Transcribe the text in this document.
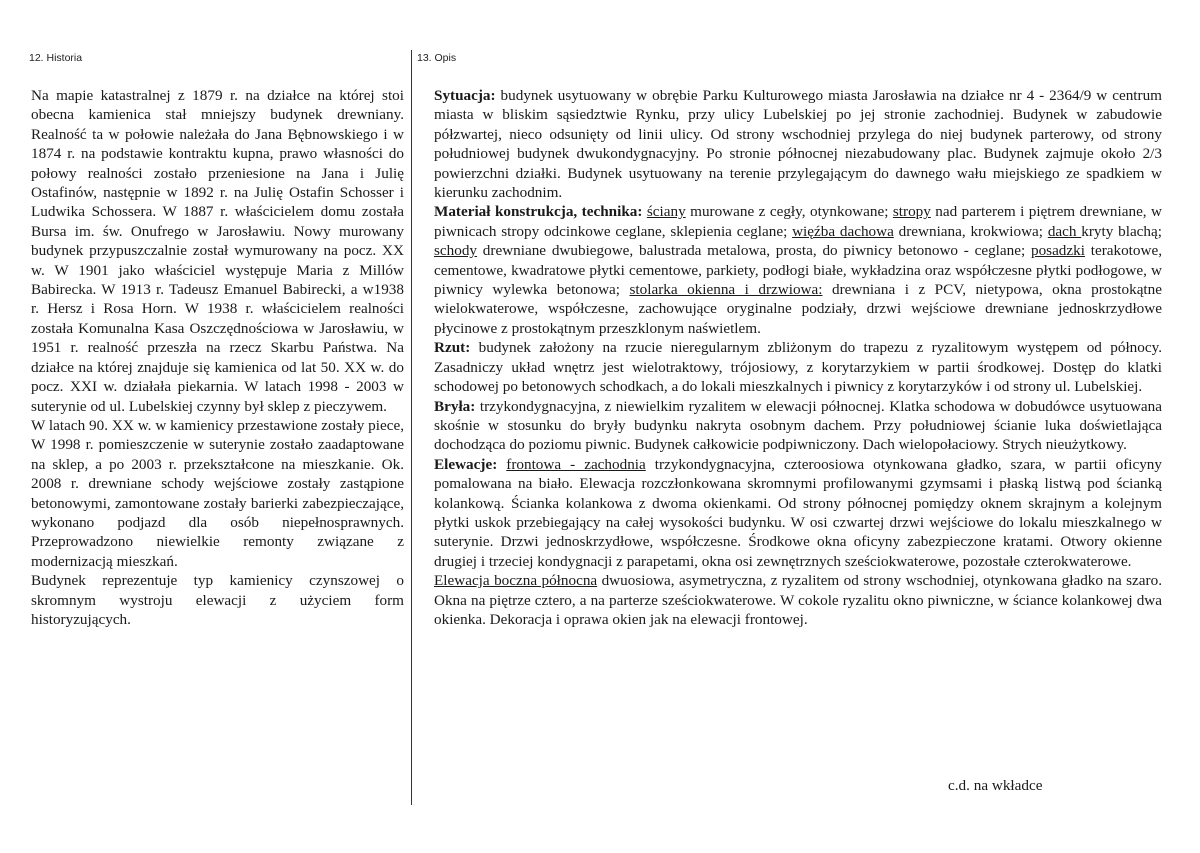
12. Historia	13. Opis

Na mapie katastralnej z 1879 r. na działce na której stoi obecna kamienica stał mniejszy budynek drewniany. Realność ta w połowie należała do Jana Bębnowskiego i w 1874 r. na podstawie kontraktu kupna, prawo własności do połowy realności zostało przeniesione na Jana i Julię Ostafinów, następnie w 1892 r. na Julię Ostafin Schosser i Ludwika Schossera. W 1887 r. właścicielem domu została Bursa im. św. Onufrego w Jarosławiu. Nowy murowany budynek przypuszczalnie został wymurowany na pocz. XX w. W 1901 jako właściciel występuje Maria z Millów Babirecka. W 1913 r. Tadeusz Emanuel Babirecki, a w1938 r. Hersz i Rosa Horn. W 1938 r. właścicielem realności została Komunalna Kasa Oszczędnościowa w Jarosławiu, w 1951 r. realność przeszła na rzecz Skarbu Państwa. Na działce na której znajduje się kamienica od lat 50. XX w. do pocz. XXI w. działała piekarnia. W latach 1998 - 2003 w suterynie od ul. Lubelskiej czynny był sklep z pieczywem.

W latach 90. XX w. w kamienicy przestawione zostały piece, W 1998 r. pomieszczenie w suterynie zostało zaadaptowane na sklep, a po 2003 r. przekształcone na mieszkanie. Ok. 2008 r. drewniane schody wejściowe zostały zastąpione betonowymi, zamontowane zostały barierki zabezpieczające, wykonano podjazd dla osób niepełnosprawnych. Przeprowadzono niewielkie remonty związane z modernizacją mieszkań.

Budynek reprezentuje typ kamienicy czynszowej o skromnym wystroju elewacji z użyciem form historyzujących.

Sytuacja: budynek usytuowany w obrębie Parku Kulturowego miasta Jarosławia na działce nr 4 - 2364/9 w centrum miasta w bliskim sąsiedztwie Rynku, przy ulicy Lubelskiej po jej stronie zachodniej. Budynek w zabudowie półzwartej, nieco odsunięty od linii ulicy. Od strony wschodniej przylega do niej budynek parterowy, od strony południowej budynek dwukondygnacyjny. Po stronie północnej niezabudowany plac. Budynek zajmuje około 2/3 powierzchni działki. Budynek usytuowany na terenie przylegającym do dawnego wału miejskiego ze spadkiem w kierunku zachodnim.

Materiał konstrukcja, technika: ściany murowane z cegły, otynkowane; stropy nad parterem i piętrem drewniane, w piwnicach stropy odcinkowe ceglane, sklepienia ceglane; więźba dachowa drewniana, krokwiowa; dach kryty blachą; schody drewniane dwubiegowe, balustrada metalowa, prosta, do piwnicy betonowo - ceglane; posadzki terakotowe, cementowe, kwadratowe płytki cementowe, parkiety, podłogi białe, wykładzina oraz współczesne płytki podłogowe, w piwnicy wylewka betonowa; stolarka okienna i drzwiowa: drewniana i z PCV, nietypowa, okna prostokątne wielokwaterowe, współczesne, zachowujące oryginalne podziały, drzwi wejściowe drewniane jednoskrzydłowe płycinowe z prostokątnym przeszklonym naświetlem.

Rzut: budynek założony na rzucie nieregularnym zbliżonym do trapezu z ryzalitowym występem od północy. Zasadniczy układ wnętrz jest wielotraktowy, trójosiowy, z korytarzykiem w partii środkowej. Dostęp do klatki schodowej po betonowych schodkach, a do lokali mieszkalnych i piwnicy z korytarzyków i od strony ul. Lubelskiej.

Bryła: trzykondygnacyjna, z niewielkim ryzalitem w elewacji północnej. Klatka schodowa w dobudówce usytuowana skośnie w stosunku do bryły budynku nakryta osobnym dachem. Przy południowej ścianie luka doświetlająca dochodząca do poziomu piwnic. Budynek całkowicie podpiwniczony. Dach wielopołaciowy. Strych nieużytkowy.

Elewacje: frontowa - zachodnia trzykondygnacyjna, czteroosiowa otynkowana gładko, szara, w partii oficyny pomalowana na biało. Elewacja rozczłonkowana skromnymi profilowanymi gzymsami i płaską listwą pod ścianką kolankową. Ścianka kolankowa z dwoma okienkami. Od strony północnej pomiędzy oknem skrajnym a kolejnym płytki uskok przebiegający na całej wysokości budynku. W osi czwartej drzwi wejściowe do lokalu mieszkalnego w suterynie. Drzwi jednoskrzydłowe, współczesne. Środkowe okna oficyny zabezpieczone kratami. Otwory okienne drugiej i trzeciej kondygnacji z parapetami, okna osi zewnętrznych sześciokwaterowe, pozostałe czterokwaterowe.

Elewacja boczna północna dwuosiowa, asymetryczna, z ryzalitem od strony wschodniej, otynkowana gładko na szaro. Okna na piętrze cztero, a na parterze sześciokwaterowe. W cokole ryzalitu okno piwniczne, w ściance kolankowej dwa okienka. Dekoracja i oprawa okien jak na elewacji frontowej.

c.d. na wkładce
